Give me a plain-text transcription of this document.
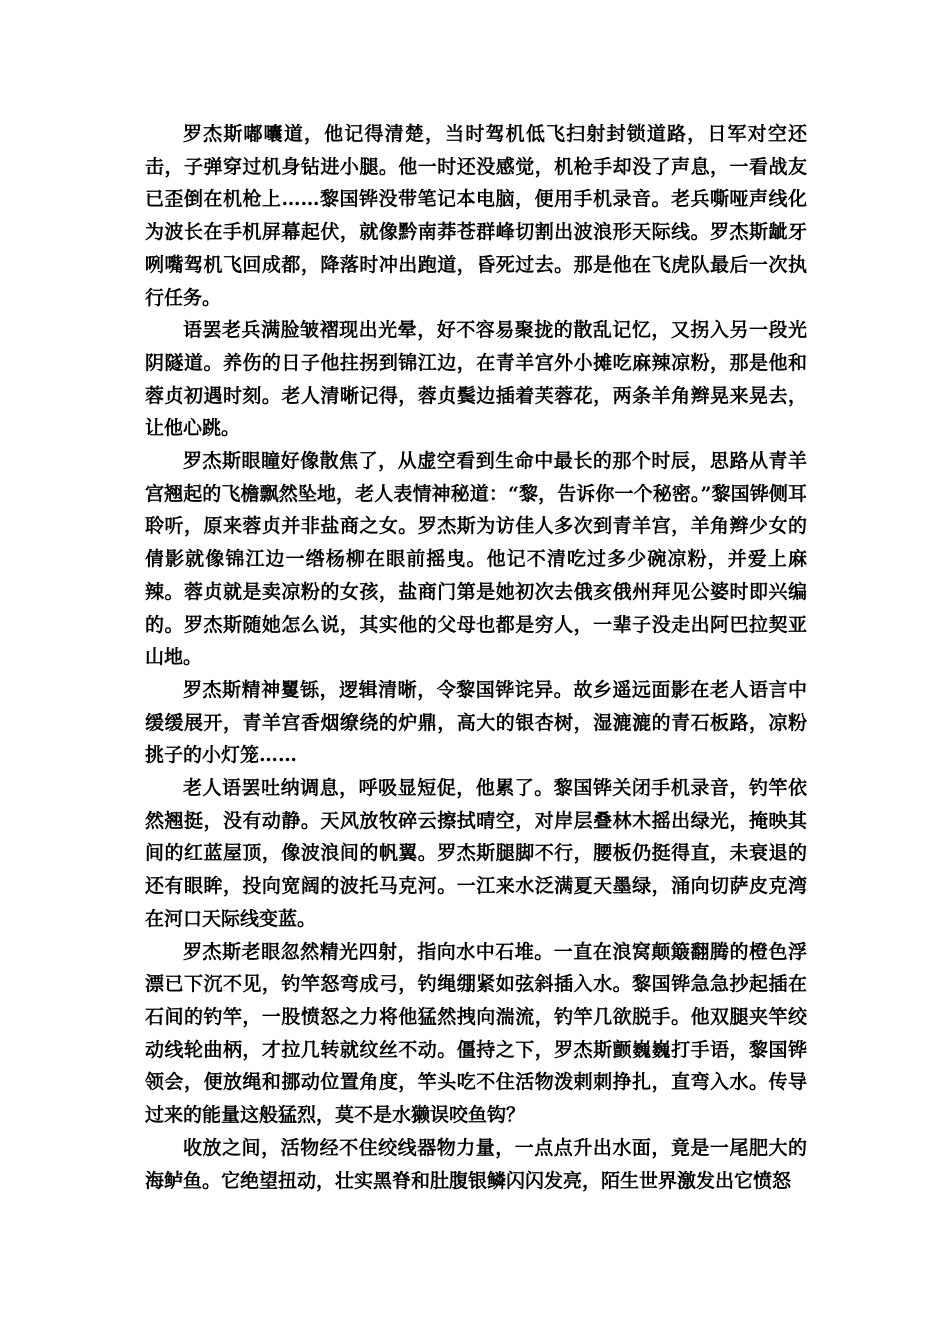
罗杰斯嘟囔道，他记得清楚，当时驾机低飞扫射封锁道路，日军对空还击，子弹穿过机身钻进小腿。他一时还没感觉，机枪手却没了声息，一看战友已歪倒在机枪上……黎国铧没带笔记本电脑，便用手机录音。老兵嘶哑声线化为波长在手机屏幕起伏，就像黔南莽苍群峰切割出波浪形天际线。罗杰斯龇牙咧嘴驾机飞回成都，降落时冲出跑道，昏死过去。那是他在飞虎队最后一次执行任务。

语罢老兵满脸皱褶现出光晕，好不容易聚拢的散乱记忆，又拐入另一段光阴隧道。养伤的日子他拄拐到锦江边，在青羊宫外小摊吃麻辣凉粉，那是他和蓉贞初遇时刻。老人清晰记得，蓉贞鬓边插着芙蓉花，两条羊角辫晃来晃去，让他心跳。

罗杰斯眼瞳好像散焦了，从虚空看到生命中最长的那个时辰，思路从青羊宫翘起的飞檐飘然坠地，老人表情神秘道：“黎，告诉你一个秘密。”黎国铧侧耳聆听，原来蓉贞并非盐商之女。罗杰斯为访佳人多次到青羊宫，羊角辫少女的倩影就像锦江边一绺杨柳在眼前摇曳。他记不清吃过多少碗凉粉，并爱上麻辣。蓉贞就是卖凉粉的女孩，盐商门第是她初次去俄亥俄州拜见公婆时即兴编的。罗杰斯随她怎么说，其实他的父母也都是穷人，一辈子没走出阿巴拉契亚山地。

罗杰斯精神矍铄，逻辑清晰，令黎国铧诧异。故乡遥远面影在老人语言中缓缓展开，青羊宫香烟缭绕的炉鼎，高大的银杏树，湿漉漉的青石板路，凉粉挑子的小灯笼……

老人语罢吐纳调息，呼吸显短促，他累了。黎国铧关闭手机录音，钓竿依然翘挺，没有动静。天风放牧碎云擦拭晴空，对岸层叠林木摇出绿光，掩映其间的红蓝屋顶，像波浪间的帆翼。罗杰斯腿脚不行，腰板仍挺得直，未衰退的还有眼眸，投向宽阔的波托马克河。一江来水泛满夏天墨绿，涌向切萨皮克湾在河口天际线变蓝。

罗杰斯老眼忽然精光四射，指向水中石堆。一直在浪窝颠簸翻腾的橙色浮漂已下沉不见，钓竿怒弯成弓，钓绳绷紧如弦斜插入水。黎国铧急急抄起插在石间的钓竿，一股愤怒之力将他猛然拽向湍流，钓竿几欲脱手。他双腿夹竿绞动线轮曲柄，才拉几转就纹丝不动。僵持之下，罗杰斯颤巍巍打手语，黎国铧领会，便放绳和挪动位置角度，竿头吃不住活物泼剌刺挣扎，直弯入水。传导过来的能量这般猛烈，莫不是水獭误咬鱼钩？

收放之间，活物经不住绞线器物力量，一点点升出水面，竟是一尾肥大的海鲈鱼。它绝望扭动，壮实黑脊和肚腹银鳞闪闪发亮，陌生世界激发出它愤怒
